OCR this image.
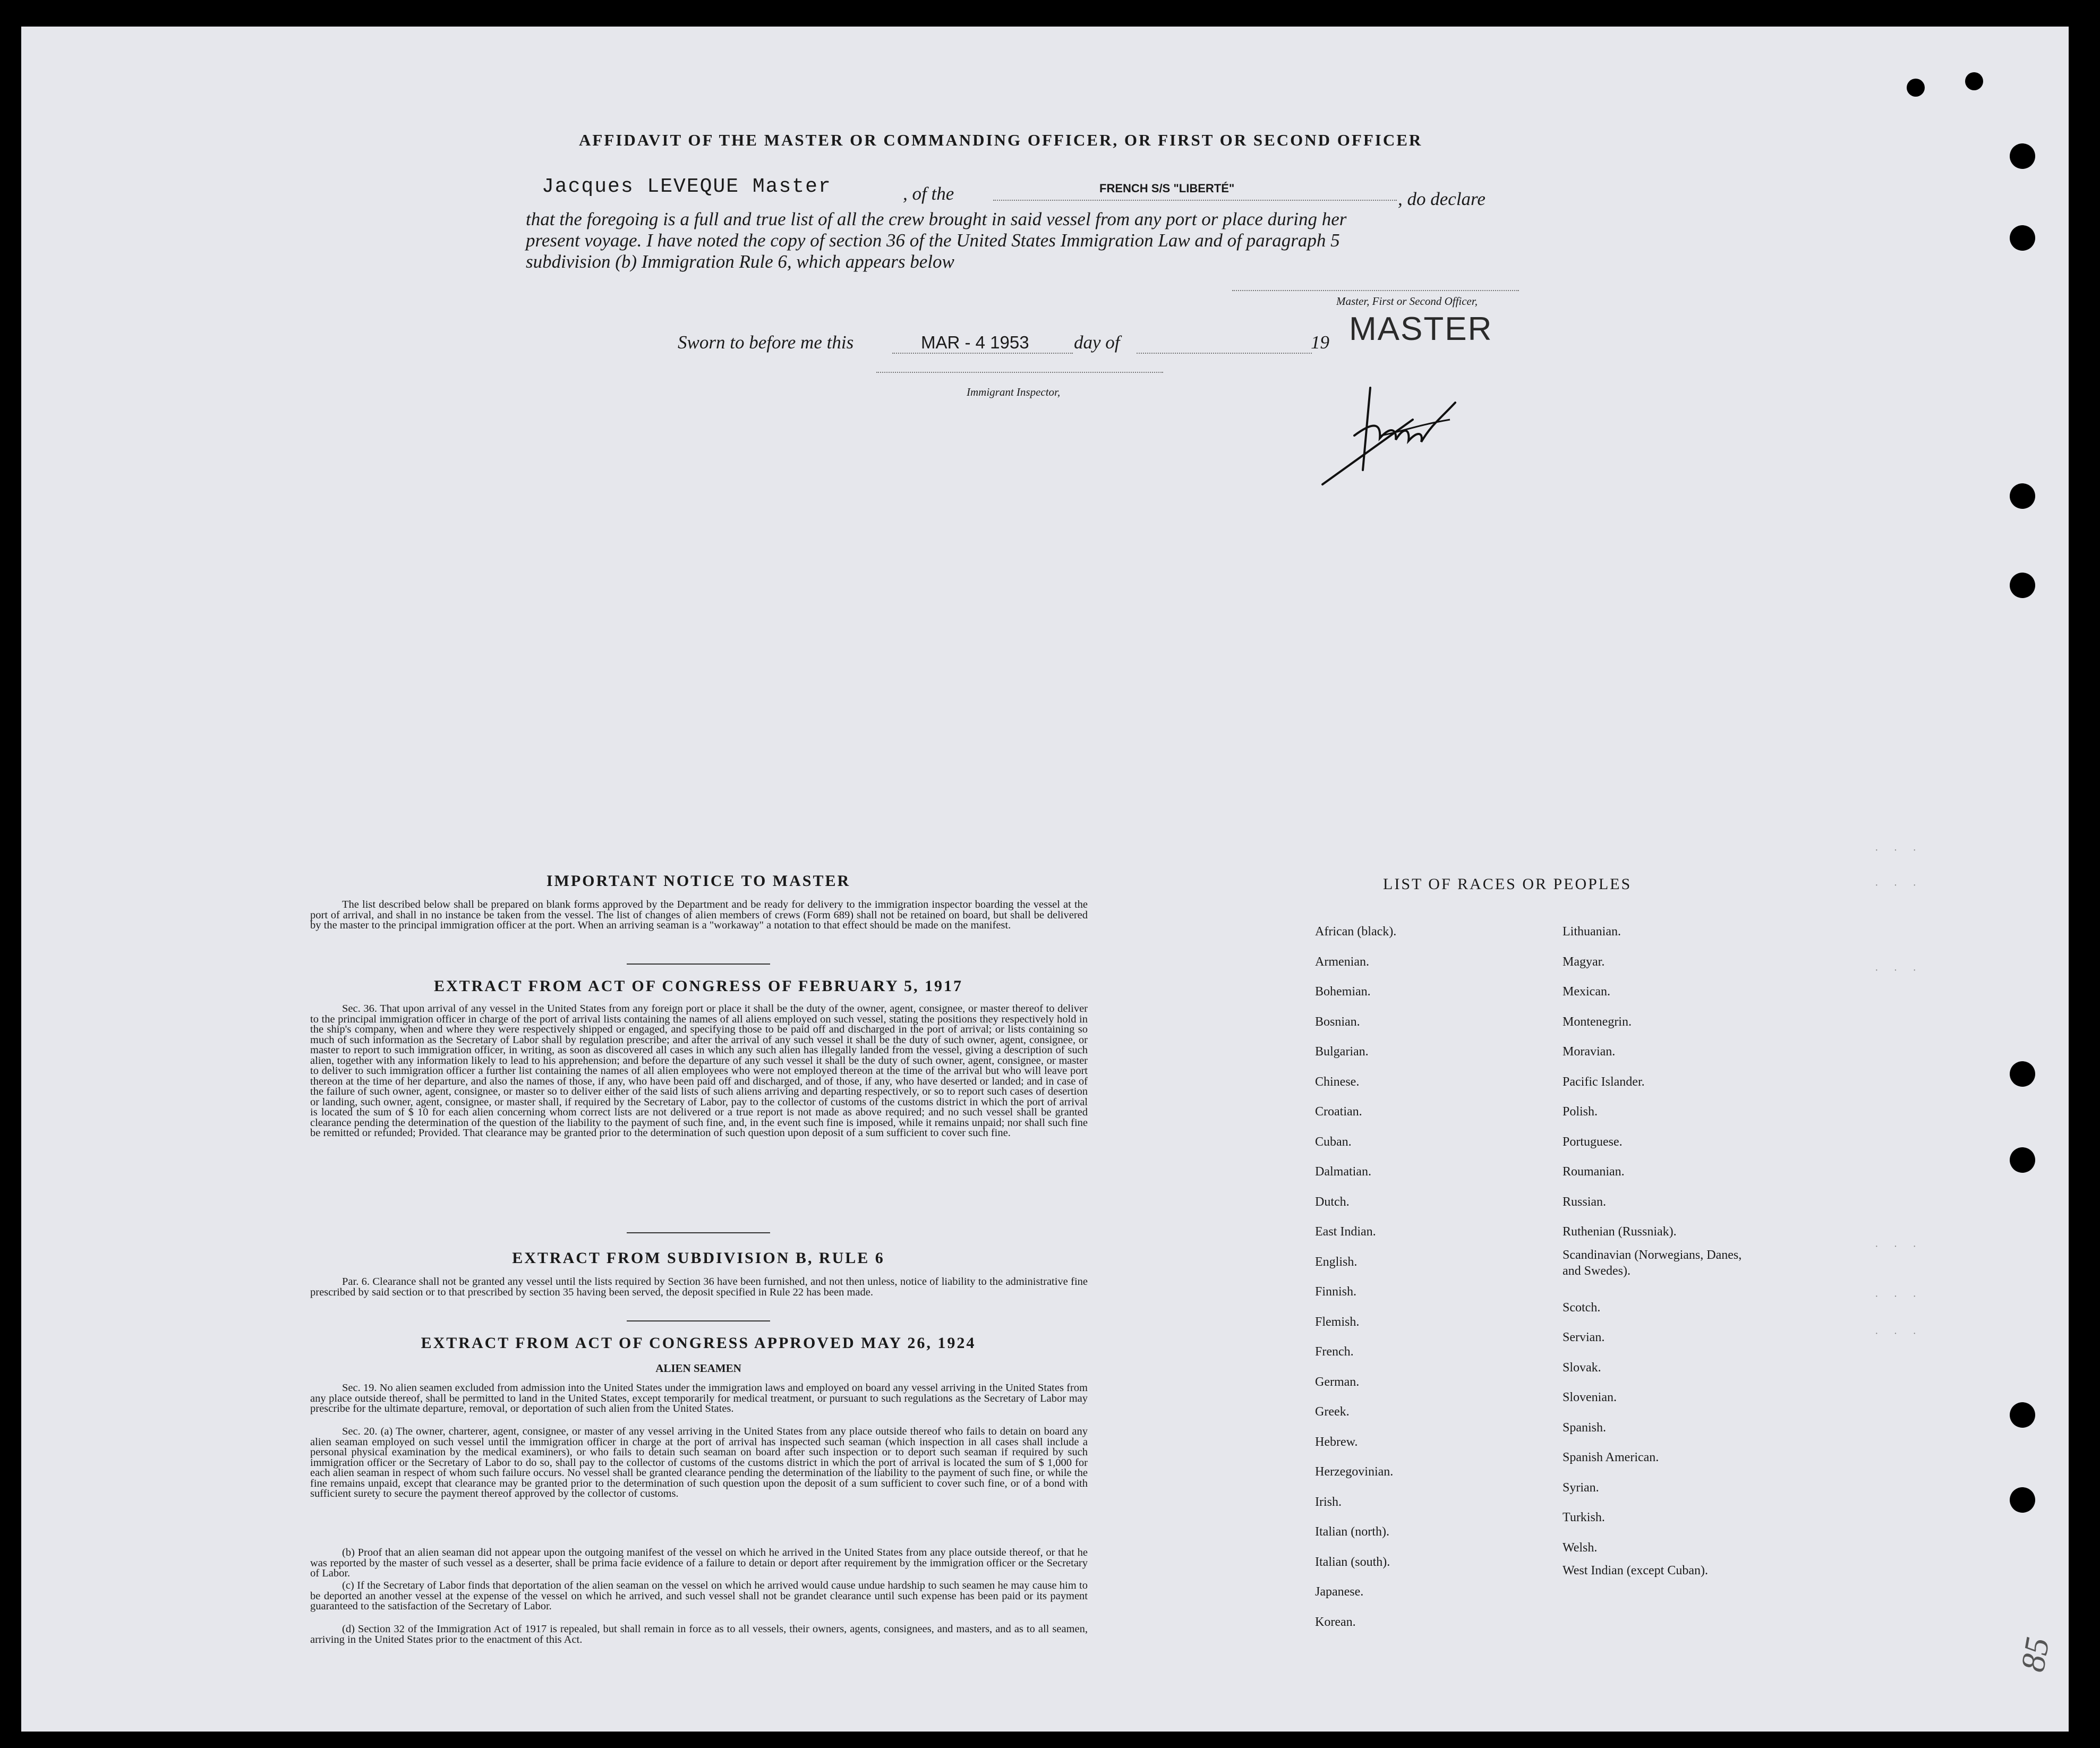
AFFIDAVIT OF THE MASTER OR COMMANDING OFFICER, OR FIRST OR SECOND OFFICER
Jacques LEVEQUE Master	, of the	FRENCH S/S "LIBERTÉ"
, do declare
that the foregoing is a full and true list of all the crew brought in said vessel from any port or place during her
present voyage. I have noted the copy of section 36 of the United States Immigration Law and of paragraph 5
subdivision (b) Immigration Rule 6, which appears below
Master, First or Second Officer,
Sworn to before me this	MAR - 4 1953 day of	19 MASTER
Immigrant Inspector,
IMPORTANT NOTICE TO MASTER
The list described below shall be prepared on blank forms approved by the Department and be ready for delivery to the immigration inspector boarding the vessel at the port of arrival, and shall in no instance be taken from the vessel. The list of changes of alien members of crews (Form 689) shall not be retained on board, but shall be delivered by the master to the principal immigration officer at the port. When an arriving seaman is a "workaway" a notation to that effect should be made on the manifest.
EXTRACT FROM ACT OF CONGRESS OF FEBRUARY 5, 1917
Sec. 36. That upon arrival of any vessel in the United States from any foreign port or place it shall be the duty of the owner, agent, consignee, or master thereof to deliver to the principal immigration officer in charge of the port of arrival lists containing the names of all aliens employed on such vessel, stating the positions they respectively hold in the ship's company, when and where they were respectively shipped or engaged, and specifying those to be paid off and discharged in the port of arrival; or lists containing so much of such information as the Secretary of Labor shall by regulation prescribe; and after the arrival of any such vessel it shall be the duty of such owner, agent, consignee, or master to report to such immigration officer, in writing, as soon as discovered all cases in which any such alien has illegally landed from the vessel, giving a description of such alien, together with any information likely to lead to his apprehension; and before the departure of any such vessel it shall be the duty of such owner, agent, consignee, or master to deliver to such immigration officer a further list containing the names of all alien employees who were not employed thereon at the time of the arrival but who will leave port thereon at the time of her departure, and also the names of those, if any, who have been paid off and discharged, and of those, if any, who have deserted or landed; and in case of the failure of such owner, agent, consignee, or master so to deliver either of the said lists of such aliens arriving and departing respectively, or so to report such cases of desertion or landing, such owner, agent, consignee, or master shall, if required by the Secretary of Labor, pay to the collector of customs of the customs district in which the port of arrival is located the sum of $ 10 for each alien concerning whom correct lists are not delivered or a true report is not made as above required; and no such vessel shall be granted clearance pending the determination of the question of the liability to the payment of such fine, and, in the event such fine is imposed, while it remains unpaid; nor shall such fine be remitted or refunded; Provided. That clearance may be granted prior to the determination of such question upon deposit of a sum sufficient to cover such fine.
EXTRACT FROM SUBDIVISION B, RULE 6
Par. 6. Clearance shall not be granted any vessel until the lists required by Section 36 have been furnished, and not then unless, notice of liability to the administrative fine prescribed by said section or to that prescribed by section 35 having been served, the deposit specified in Rule 22 has been made.
EXTRACT FROM ACT OF CONGRESS APPROVED MAY 26, 1924
ALIEN SEAMEN
Sec. 19. No alien seamen excluded from admission into the United States under the immigration laws and employed on board any vessel arriving in the United States from any place outside thereof, shall be permitted to land in the United States, except temporarily for medical treatment, or pursuant to such regulations as the Secretary of Labor may prescribe for the ultimate departure, removal, or deportation of such alien from the United States.
Sec. 20. (a) The owner, charterer, agent, consignee, or master of any vessel arriving in the United States from any place outside thereof who fails to detain on board any alien seaman employed on such vessel until the immigration officer in charge at the port of arrival has inspected such seaman (which inspection in all cases shall include a personal physical examination by the medical examiners), or who fails to detain such seaman on board after such inspection or to deport such seaman if required by such immigration officer or the Secretary of Labor to do so, shall pay to the collector of customs of the customs district in which the port of arrival is located the sum of $ 1,000 for each alien seaman in respect of whom such failure occurs. No vessel shall be granted clearance pending the determination of the liability to the payment of such fine, or while the fine remains unpaid, except that clearance may be granted prior to the determination of such question upon the deposit of a sum sufficient to cover such fine, or of a bond with sufficient surety to secure the payment thereof approved by the collector of customs.
(b) Proof that an alien seaman did not appear upon the outgoing manifest of the vessel on which he arrived in the United States from any place outside thereof, or that he was reported by the master of such vessel as a deserter, shall be prima facie evidence of a failure to detain or deport after requirement by the immigration officer or the Secretary of Labor.
(c) If the Secretary of Labor finds that deportation of the alien seaman on the vessel on which he arrived would cause undue hardship to such seamen he may cause him to be deported an another vessel at the expense of the vessel on which he arrived, and such vessel shall not be grandet clearance until such expense has been paid or its payment guaranteed to the satisfaction of the Secretary of Labor.
(d) Section 32 of the Immigration Act of 1917 is repealed, but shall remain in force as to all vessels, their owners, agents, consignees, and masters, and as to all seamen, arriving in the United States prior to the enactment of this Act.
LIST OF RACES OR PEOPLES
African (black).
Armenian.
Bohemian.
Bosnian.
Bulgarian.
Chinese.
Croatian.
Cuban.
Dalmatian.
Dutch.
East Indian.
English.
Finnish.
Flemish.
French.
German.
Greek.
Hebrew.
Herzegovinian.
Irish.
Italian (north).
Italian (south).
Japanese.
Korean.
Lithuanian.
Magyar.
Mexican.
Montenegrin.
Moravian.
Pacific Islander.
Polish.
Portuguese.
Roumanian.
Russian.
Ruthenian (Russniak).
Scandinavian (Norwegians, Danes, and Swedes).
Scotch.
Servian.
Slovak.
Slovenian.
Spanish.
Spanish American.
Syrian.
Turkish.
Welsh.
West Indian (except Cuban).
· · ·
· · ·
· · ·
· · ·
· · ·
· · ·
85
